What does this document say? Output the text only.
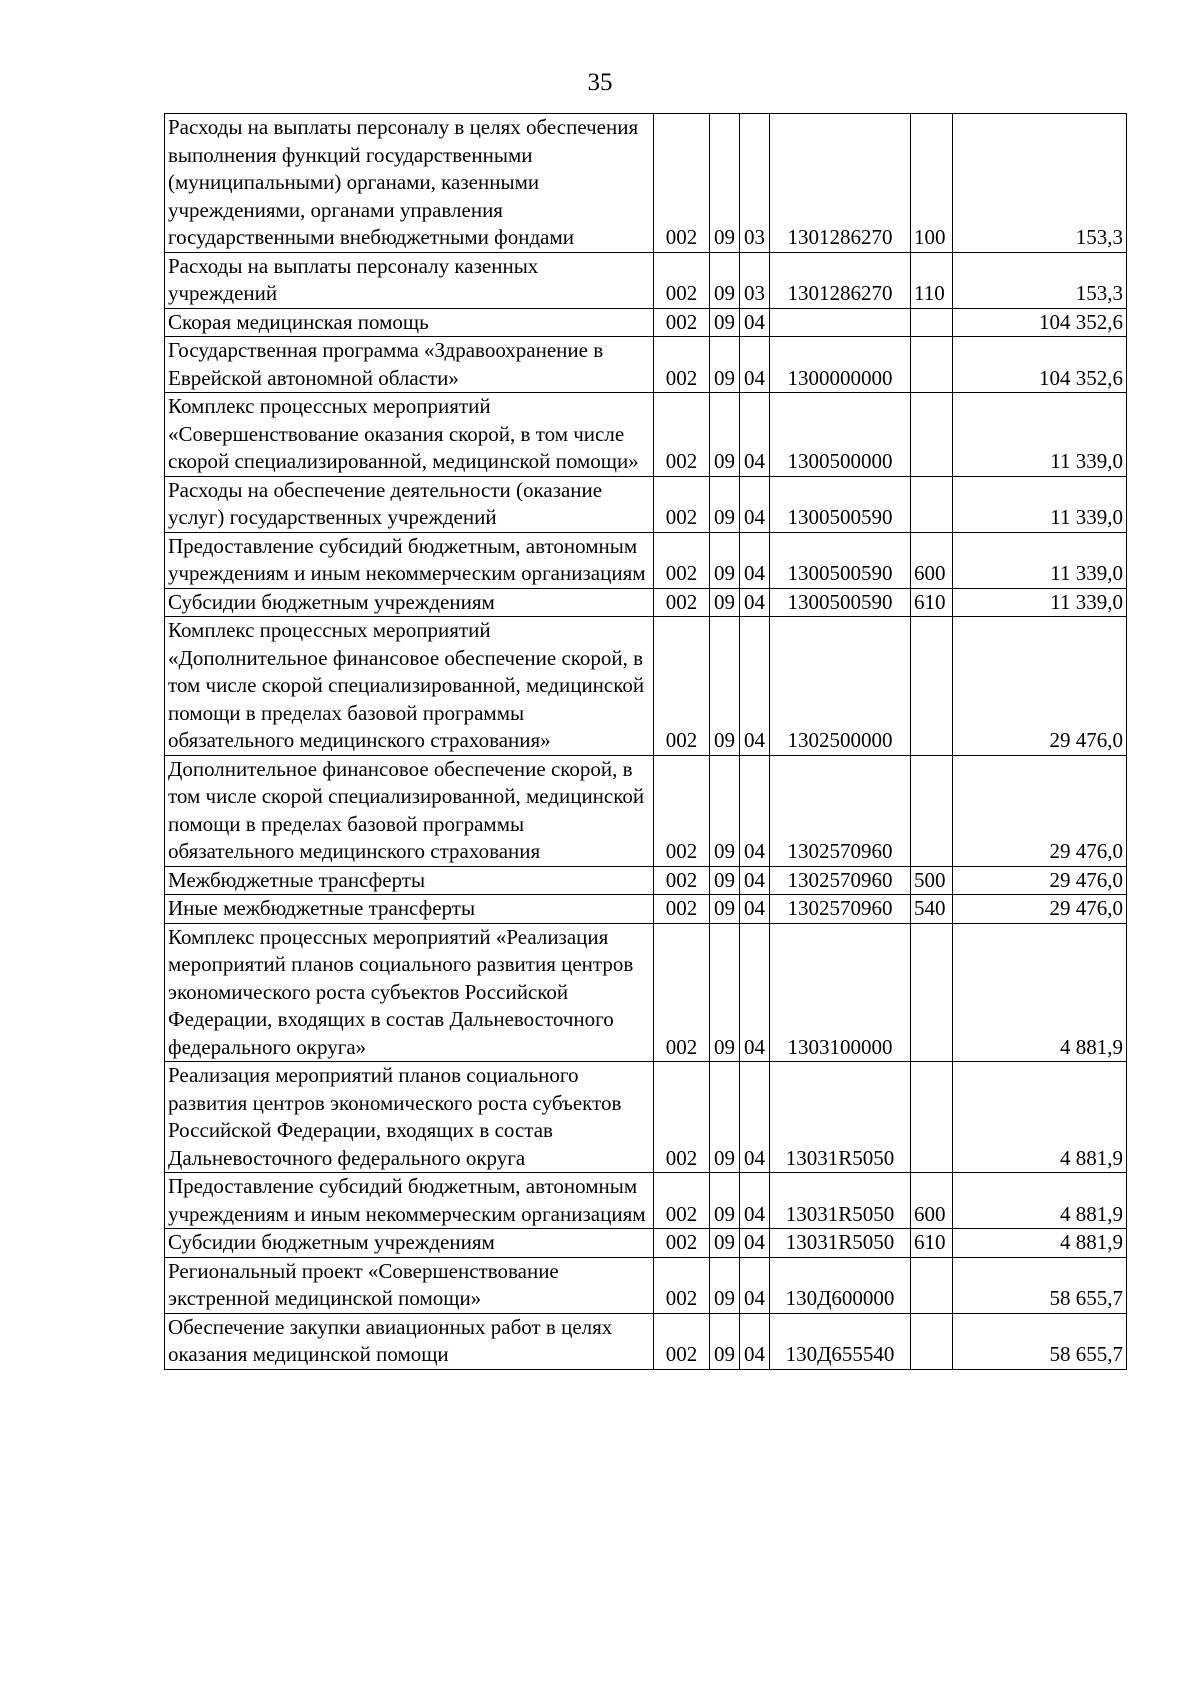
35
Расходы на выплаты персоналу в целях обеспечения выполнения функций государственными (муниципальными) органами, казенными учреждениями, органами управления государственными внебюджетными фондами	002	09	03	1301286270	100	153,3
Расходы на выплаты персоналу казенных учреждений	002	09	03	1301286270	110	153,3
Скорая медицинская помощь	002	09	04			104 352,6
Государственная программа «Здравоохранение в Еврейской автономной области»	002	09	04	1300000000		104 352,6
Комплекс процессных мероприятий «Совершенствование оказания скорой, в том числе скорой специализированной, медицинской помощи»	002	09	04	1300500000		11 339,0
Расходы на обеспечение деятельности (оказание услуг) государственных учреждений	002	09	04	1300500590		11 339,0
Предоставление субсидий бюджетным, автономным учреждениям и иным некоммерческим организациям	002	09	04	1300500590	600	11 339,0
Субсидии бюджетным учреждениям	002	09	04	1300500590	610	11 339,0
Комплекс процессных мероприятий «Дополнительное финансовое обеспечение скорой, в том числе скорой специализированной, медицинской помощи в пределах базовой программы обязательного медицинского страхования»	002	09	04	1302500000		29 476,0
Дополнительное финансовое обеспечение скорой, в том числе скорой специализированной, медицинской помощи в пределах базовой программы обязательного медицинского страхования	002	09	04	1302570960		29 476,0
Межбюджетные трансферты	002	09	04	1302570960	500	29 476,0
Иные межбюджетные трансферты	002	09	04	1302570960	540	29 476,0
Комплекс процессных мероприятий «Реализация мероприятий планов социального развития центров экономического роста субъектов Российской Федерации, входящих в состав Дальневосточного федерального округа»	002	09	04	1303100000		4 881,9
Реализация мероприятий планов социального развития центров экономического роста субъектов Российской Федерации, входящих в состав Дальневосточного федерального округа	002	09	04	13031R5050		4 881,9
Предоставление субсидий бюджетным, автономным учреждениям и иным некоммерческим организациям	002	09	04	13031R5050	600	4 881,9
Субсидии бюджетным учреждениям	002	09	04	13031R5050	610	4 881,9
Региональный проект «Совершенствование экстренной медицинской помощи»	002	09	04	130Д600000		58 655,7
Обеспечение закупки авиационных работ в целях оказания медицинской помощи	002	09	04	130Д655540		58 655,7
